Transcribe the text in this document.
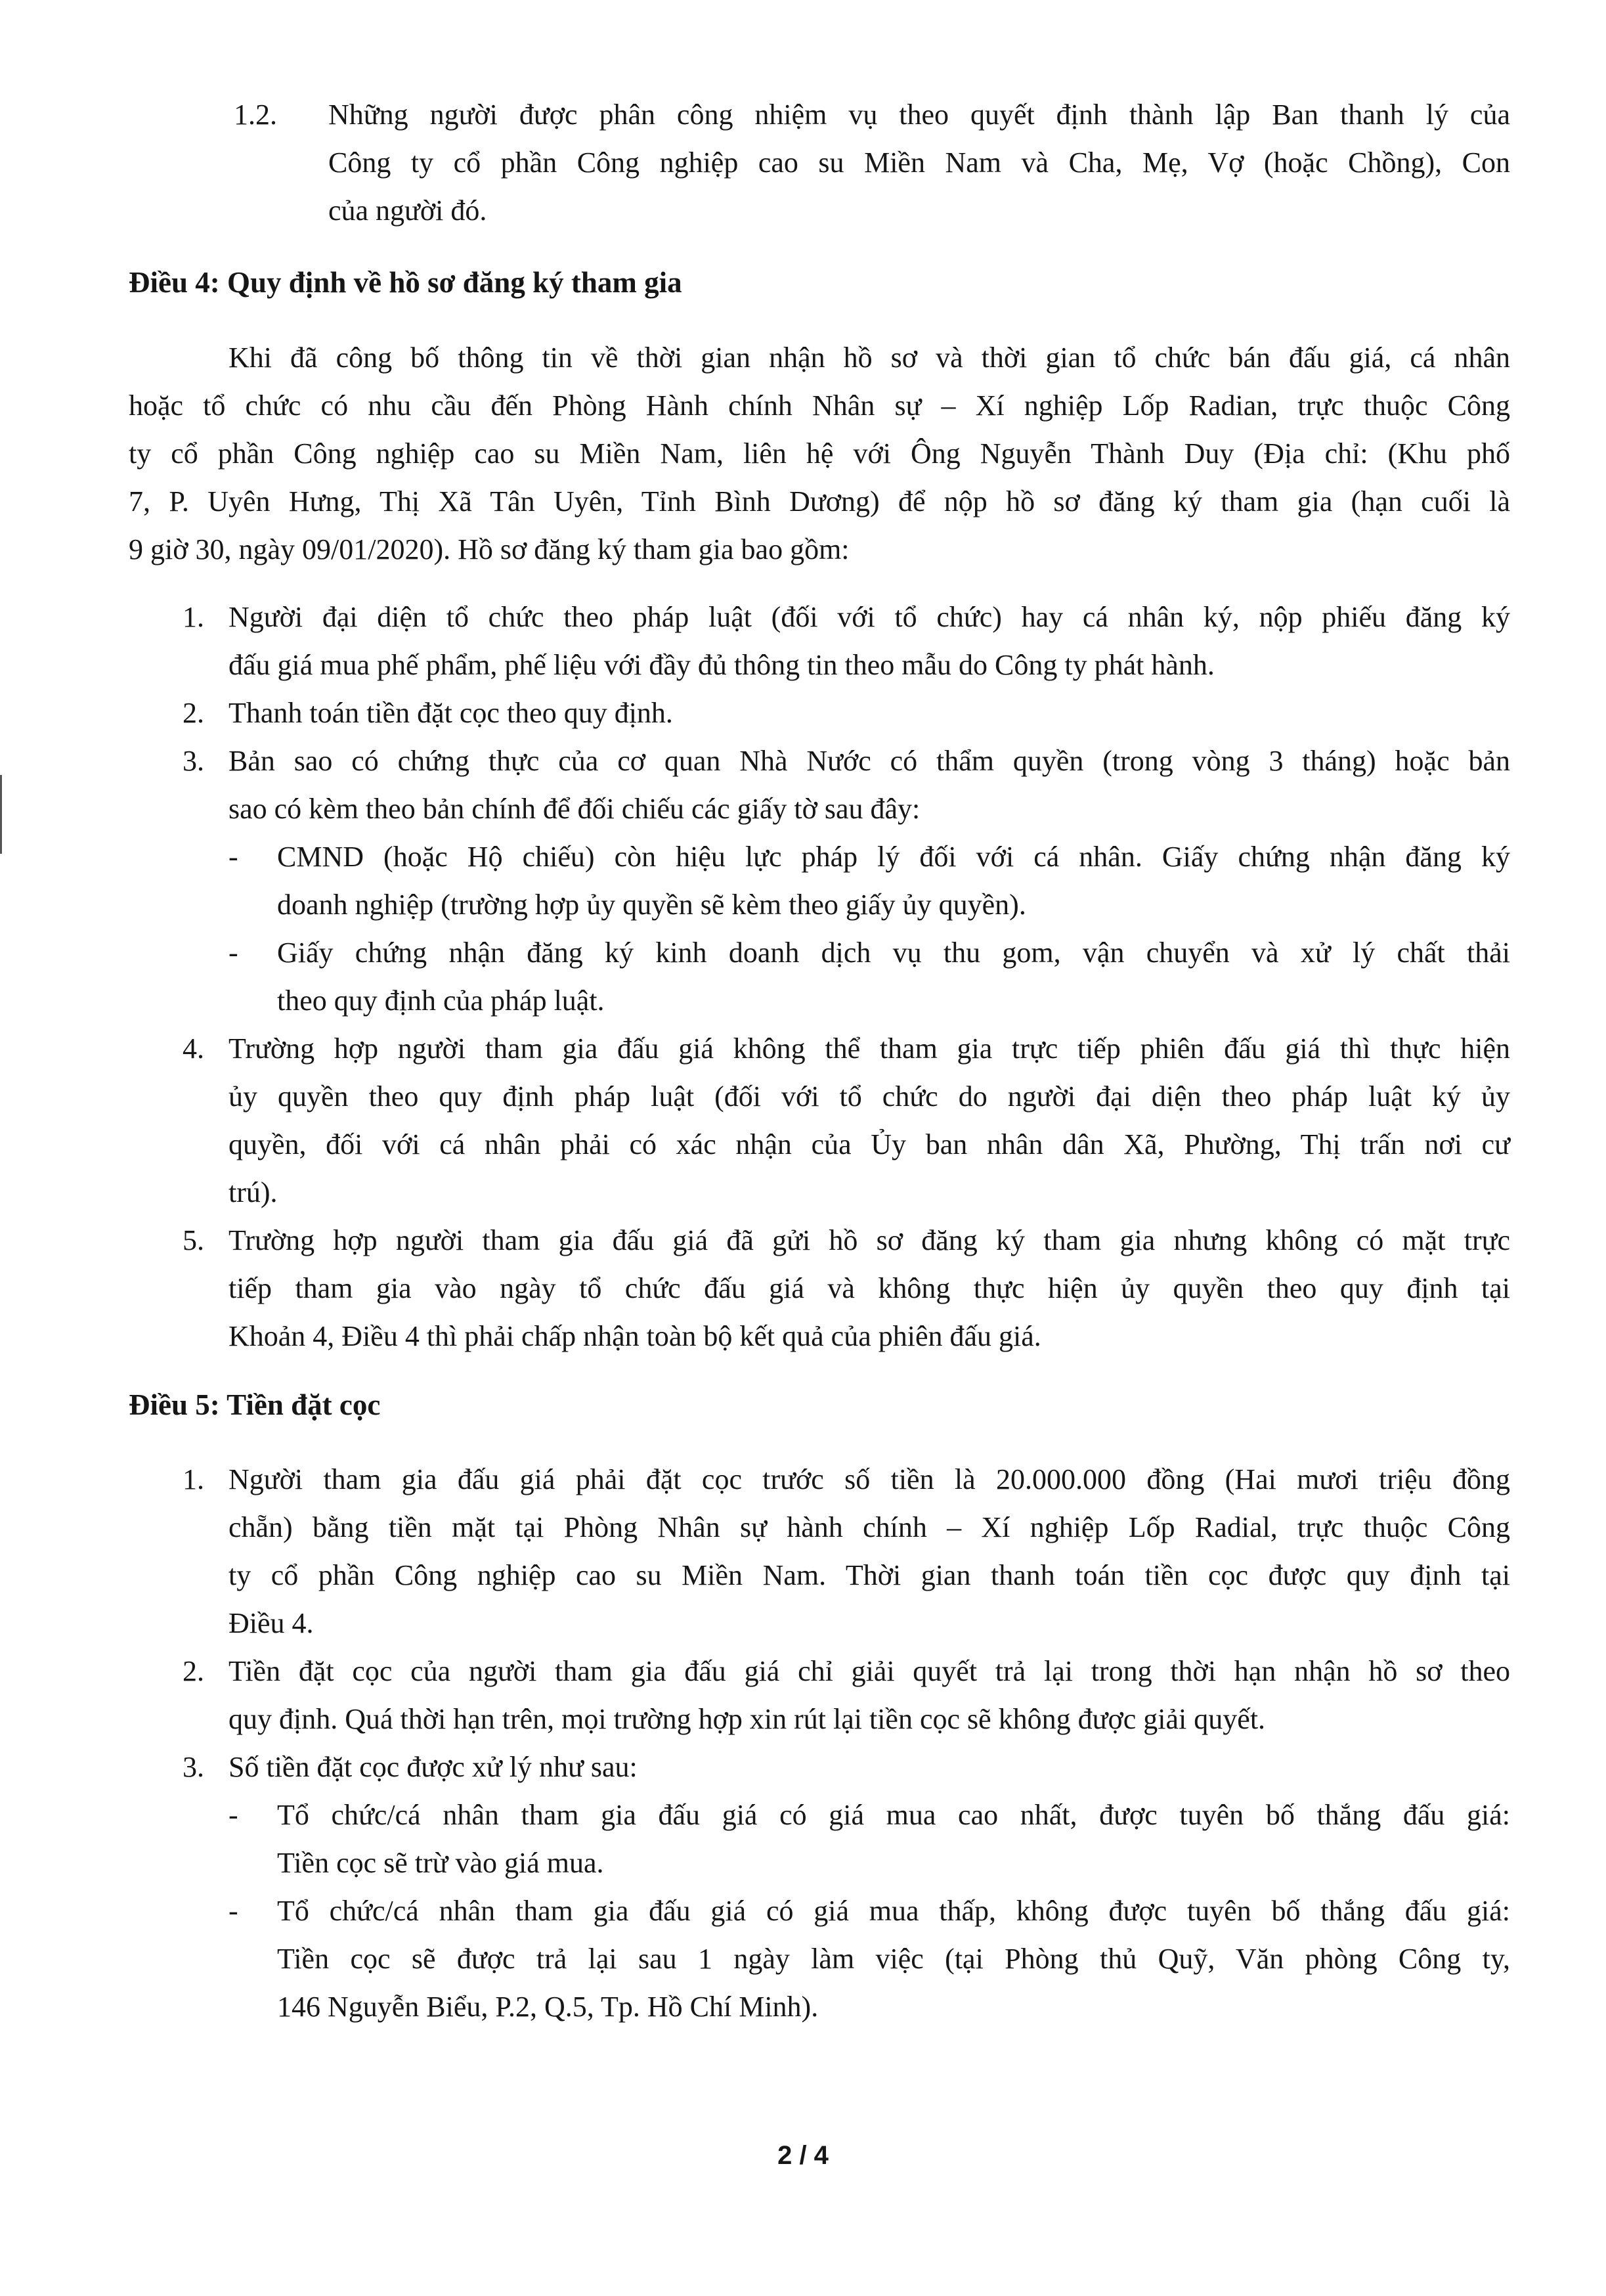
1.2. Những người được phân công nhiệm vụ theo quyết định thành lập Ban thanh lý của
Công ty cổ phần Công nghiệp cao su Miền Nam và Cha, Mẹ, Vợ (hoặc Chồng), Con
của người đó.
Điều 4: Quy định về hồ sơ đăng ký tham gia
Khi đã công bố thông tin về thời gian nhận hồ sơ và thời gian tổ chức bán đấu giá, cá nhân
hoặc tổ chức có nhu cầu đến Phòng Hành chính Nhân sự – Xí nghiệp Lốp Radian, trực thuộc Công
ty cổ phần Công nghiệp cao su Miền Nam, liên hệ với Ông Nguyễn Thành Duy (Địa chỉ: (Khu phố
7, P. Uyên Hưng, Thị Xã Tân Uyên, Tỉnh Bình Dương) để nộp hồ sơ đăng ký tham gia (hạn cuối là
9 giờ 30, ngày 09/01/2020). Hồ sơ đăng ký tham gia bao gồm:
1. Người đại diện tổ chức theo pháp luật (đối với tổ chức) hay cá nhân ký, nộp phiếu đăng ký
đấu giá mua phế phẩm, phế liệu với đầy đủ thông tin theo mẫu do Công ty phát hành.
2. Thanh toán tiền đặt cọc theo quy định.
3. Bản sao có chứng thực của cơ quan Nhà Nước có thẩm quyền (trong vòng 3 tháng) hoặc bản
sao có kèm theo bản chính để đối chiếu các giấy tờ sau đây:
- CMND (hoặc Hộ chiếu) còn hiệu lực pháp lý đối với cá nhân. Giấy chứng nhận đăng ký
doanh nghiệp (trường hợp ủy quyền sẽ kèm theo giấy ủy quyền).
- Giấy chứng nhận đăng ký kinh doanh dịch vụ thu gom, vận chuyển và xử lý chất thải
theo quy định của pháp luật.
4. Trường hợp người tham gia đấu giá không thể tham gia trực tiếp phiên đấu giá thì thực hiện
ủy quyền theo quy định pháp luật (đối với tổ chức do người đại diện theo pháp luật ký ủy
quyền, đối với cá nhân phải có xác nhận của Ủy ban nhân dân Xã, Phường, Thị trấn nơi cư
trú).
5. Trường hợp người tham gia đấu giá đã gửi hồ sơ đăng ký tham gia nhưng không có mặt trực
tiếp tham gia vào ngày tổ chức đấu giá và không thực hiện ủy quyền theo quy định tại
Khoản 4, Điều 4 thì phải chấp nhận toàn bộ kết quả của phiên đấu giá.
Điều 5: Tiền đặt cọc
1. Người tham gia đấu giá phải đặt cọc trước số tiền là 20.000.000 đồng (Hai mươi triệu đồng
chẵn) bằng tiền mặt tại Phòng Nhân sự hành chính – Xí nghiệp Lốp Radial, trực thuộc Công
ty cổ phần Công nghiệp cao su Miền Nam. Thời gian thanh toán tiền cọc được quy định tại
Điều 4.
2. Tiền đặt cọc của người tham gia đấu giá chỉ giải quyết trả lại trong thời hạn nhận hồ sơ theo
quy định. Quá thời hạn trên, mọi trường hợp xin rút lại tiền cọc sẽ không được giải quyết.
3. Số tiền đặt cọc được xử lý như sau:
- Tổ chức/cá nhân tham gia đấu giá có giá mua cao nhất, được tuyên bố thắng đấu giá:
Tiền cọc sẽ trừ vào giá mua.
- Tổ chức/cá nhân tham gia đấu giá có giá mua thấp, không được tuyên bố thắng đấu giá:
Tiền cọc sẽ được trả lại sau 1 ngày làm việc (tại Phòng thủ Quỹ, Văn phòng Công ty,
146 Nguyễn Biểu, P.2, Q.5, Tp. Hồ Chí Minh).
2 / 4
